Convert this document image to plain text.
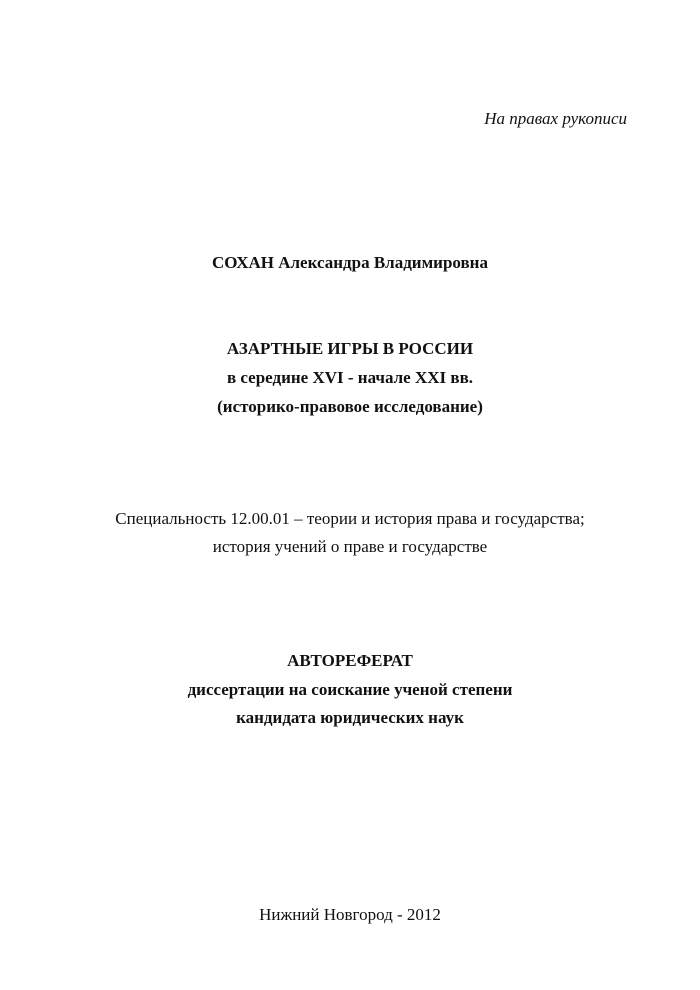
На правах рукописи
СОХАН Александра Владимировна
АЗАРТНЫЕ ИГРЫ В РОССИИ
в середине XVI - начале XXI вв.
(историко-правовое исследование)
Специальность 12.00.01 – теории и история права и государства;
история учений о праве и государстве
АВТОРЕФЕРАТ
диссертации на соискание ученой степени
кандидата юридических наук
Нижний Новгород - 2012
